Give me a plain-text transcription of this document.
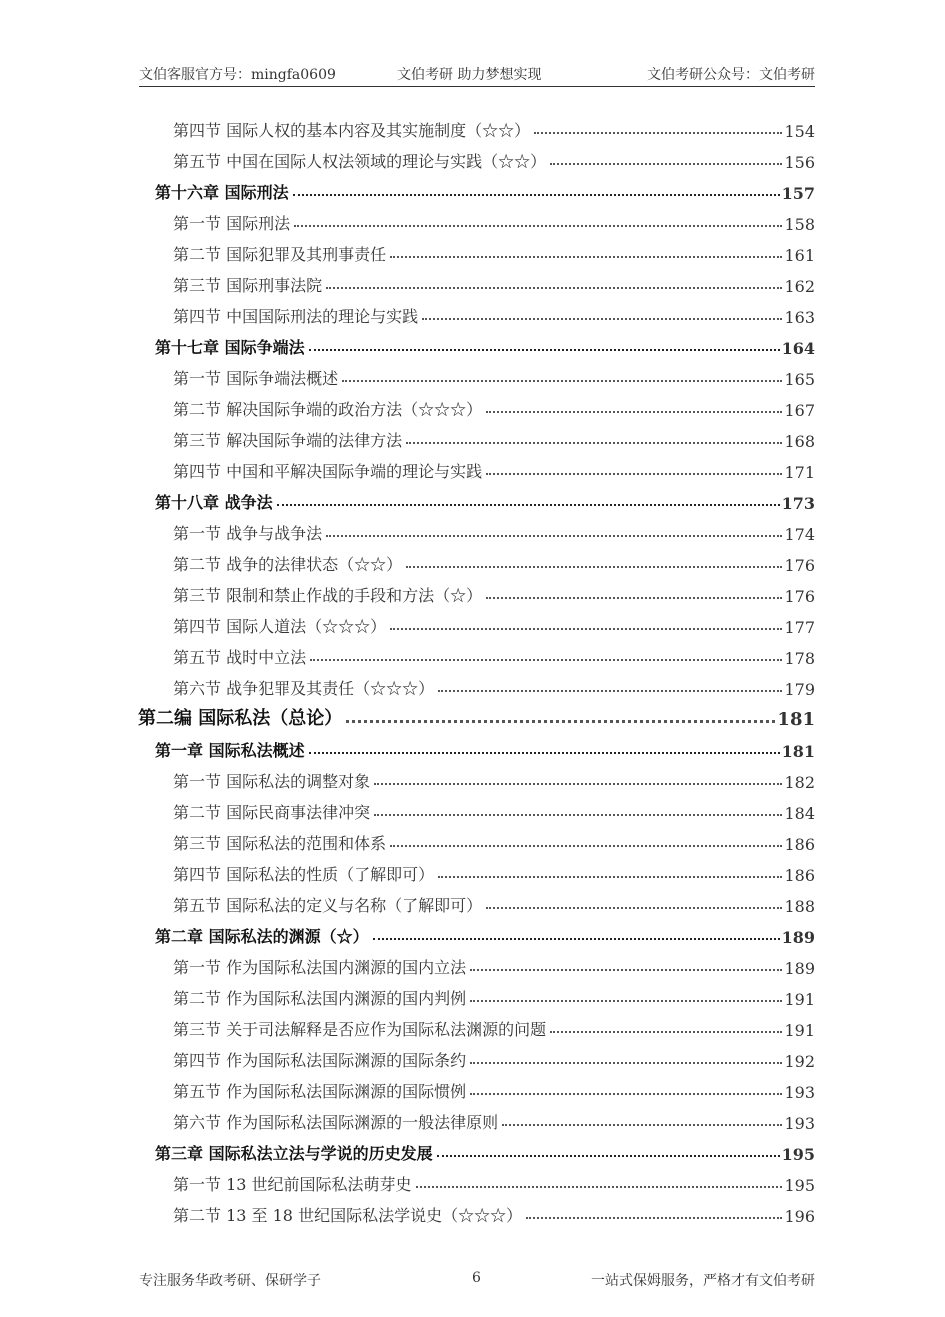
文伯客服官方号：mingfa0609	文伯考研 助力梦想实现	文伯考研公众号：文伯考研
第四节 国际人权的基本内容及其实施制度（☆☆）	154
第五节 中国在国际人权法领域的理论与实践（☆☆）	156
第十六章 国际刑法	157
第一节 国际刑法	158
第二节 国际犯罪及其刑事责任	161
第三节 国际刑事法院	162
第四节 中国国际刑法的理论与实践	163
第十七章 国际争端法	164
第一节 国际争端法概述	165
第二节 解决国际争端的政治方法（☆☆☆）	167
第三节 解决国际争端的法律方法	168
第四节 中国和平解决国际争端的理论与实践	171
第十八章 战争法	173
第一节 战争与战争法	174
第二节 战争的法律状态（☆☆）	176
第三节 限制和禁止作战的手段和方法（☆）	176
第四节 国际人道法（☆☆☆）	177
第五节 战时中立法	178
第六节 战争犯罪及其责任（☆☆☆）	179
第二编 国际私法（总论）	181
第一章 国际私法概述	181
第一节 国际私法的调整对象	182
第二节 国际民商事法律冲突	184
第三节 国际私法的范围和体系	186
第四节 国际私法的性质（了解即可）	186
第五节 国际私法的定义与名称（了解即可）	188
第二章 国际私法的渊源（☆）	189
第一节 作为国际私法国内渊源的国内立法	189
第二节 作为国际私法国内渊源的国内判例	191
第三节 关于司法解释是否应作为国际私法渊源的问题	191
第四节 作为国际私法国际渊源的国际条约	192
第五节 作为国际私法国际渊源的国际惯例	193
第六节 作为国际私法国际渊源的一般法律原则	193
第三章 国际私法立法与学说的历史发展	195
第一节 13 世纪前国际私法萌芽史	195
第二节 13 至 18 世纪国际私法学说史（☆☆☆）	196
专注服务华政考研、保研学子	6	一站式保姆服务，严格才有文伯考研
